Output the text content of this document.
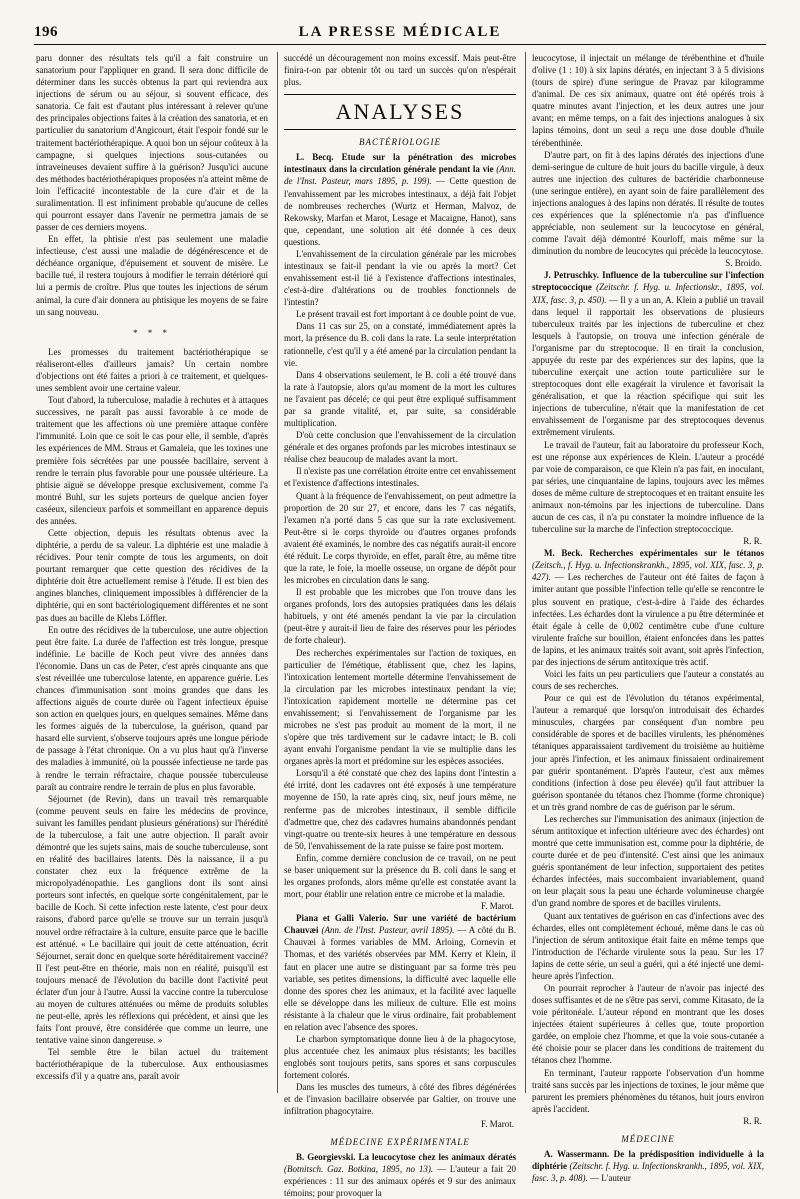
196	LA PRESSE MÉDICALE

paru donner des résultats tels qu'il a fait construire un sanatorium pour l'appliquer en grand. Il sera donc difficile de déterminer dans les succès obtenus la part qui reviendra aux injections de sérum ou au séjour, si souvent efficace, des sanatoria. Ce fait est d'autant plus intéressant à relever qu'une des principales objections faites à la création des sanatoria, et en particulier du sanatorium d'Angicourt, était l'espoir fondé sur le traitement bactériothérapique. A quoi bon un séjour coûteux à la campagne, si quelques injections sous-cutanées ou intraveineuses devaient suffire à la guérison? Jusqu'ici aucune des méthodes bactériothérapiques proposées n'a atteint même de loin l'efficacité incontestable de la cure d'air et de la suralimentation. Il est infiniment probable qu'aucune de celles qui pourront essayer dans l'avenir ne permettra jamais de se passer de ces derniers moyens.

En effet, la phtisie n'est pas seulement une maladie infectieuse, c'est aussi une maladie de dégénérescence et de déchéance organique, d'épuisement et souvent de misère. Le bacille tué, il restera toujours à modifier le terrain détérioré qui lui a permis de croître. Plus que toutes les injections de sérum animal, la cure d'air donnera au phtisique les moyens de se faire un sang nouveau.

* * *

Les promesses du traitement bactériothérapique se réaliseront-elles d'ailleurs jamais? Un certain nombre d'objections ont été faites a priori à ce traitement, et quelques-unes semblent avoir une certaine valeur.

Tout d'abord, la tuberculose, maladie à rechutes et à attaques successives, ne paraît pas aussi favorable à ce mode de traitement que les affections où une première attaque confère l'immunité. Loin que ce soit le cas pour elle, il semble, d'après les expériences de MM. Straus et Gamaleia, que les toxines une première fois sécrétées par une poussée bacillaire, servent à rendre le terrain plus favorable pour une poussée ultérieure. La phtisie aiguë se développe presque exclusivement, comme l'a montré Buhl, sur les sujets porteurs de quelque ancien foyer caséeux, silencieux parfois et sommeillant en apparence depuis des années.

Cette objection, depuis les résultats obtenus avec la diphtérie, a perdu de sa valeur. La diphtérie est une maladie à récidives. Pour tenir compte de tous les arguments, on doit pourtant remarquer que cette question des récidives de la diphtérie doit être actuellement remise à l'étude. Il est bien des angines blanches, cliniquement impossibles à différencier de la diphtérie, qui en sont bactériologiquement différentes et ne sont pas dues au bacille de Klebs Löffler.

En outre des récidives de la tuberculose, une autre objection peut être faite. La durée de l'affection est très longue, presque indéfinie. Le bacille de Koch peut vivre des années dans l'économie. Dans un cas de Peter, c'est après cinquante ans que s'est réveillée une tuberculose latente, en apparence guérie. Les chances d'immunisation sont moins grandes que dans les affections aiguës de courte durée où l'agent infectieux épuise son action en quelques jours, en quelques semaines. Même dans les formes aiguës de la tuberculose, la guérison, quand par hasard elle survient, s'observe toujours après une longue période de passage à l'état chronique. On a vu plus haut qu'à l'inverse des maladies à immunité, où la poussée infectieuse ne tarde pas à rendre le terrain réfractaire, chaque poussée tuberculeuse paraît au contraire rendre le terrain de plus en plus favorable.

Séjournet (de Revin), dans un travail très remarquable (comme peuvent seuls en faire les médecins de province, suivant les familles pendant plusieurs générations) sur l'hérédité de la tuberculose, a fait une autre objection. Il paraît avoir démontré que les sujets sains, mais de souche tuberculeuse, sont en réalité des bacillaires latents. Dès la naissance, il a pu constater chez eux la fréquence extrême de la micropolyadénopathie. Les ganglions dont ils sont ainsi porteurs sont infectés, en quelque sorte congénitalement, par le bacille de Koch. Si cette infection reste latente, c'est pour deux raisons, d'abord parce qu'elle se trouve sur un terrain jusqu'à nouvel ordre réfractaire à la culture, ensuite parce que le bacille est atténué. « Le bacillaire qui jouit de cette atténuation, écrit Séjournet, serait donc en quelque sorte héréditairement vacciné? Il l'est peut-être en théorie, mais non en réalité, puisqu'il est toujours menacé de l'évolution du bacille dont l'activité peut éclater d'un jour à l'autre. Aussi la vaccine contre la tuberculose au moyen de cultures atténuées ou même de produits solubles ne peut-elle, après les réflexions qui précèdent, et ainsi que les faits l'ont prouvé, être considérée que comme un leurre, une tentative vaine sinon dangereuse. »

Tel semble être le bilan actuel du traitement bactériothérapique de la tuberculose. Aux enthousiasmes excessifs d'il y a quatre ans, paraît avoir

succédé un découragement non moins excessif. Mais peut-être finira-t-on par obtenir tôt ou tard un succès qu'on n'espérait plus.

ANALYSES
BACTÉRIOLOGIE

L. Becq. Etude sur la pénétration des microbes intestinaux dans la circulation générale pendant la vie (Ann. de l'Inst. Pasteur, mars 1895, p. 199). — Cette question de l'envahissement par les microbes intestinaux, a déjà fait l'objet de nombreuses recherches (Wurtz et Herman, Malvoz, de Rekowsky, Marfan et Marot, Lesage et Macaigne, Hanot), sans que, cependant, une solution ait été donnée à ces deux questions.

L'envahissement de la circulation générale par les microbes intestinaux se fait-il pendant la vie ou après la mort? Cet envahissement est-il lié à l'existence d'affections intestinales, c'est-à-dire d'altérations ou de troubles fonctionnels de l'intestin?

Le présent travail est fort important à ce double point de vue.

Dans 11 cas sur 25, on a constaté, immédiatement après la mort, la présence du B. coli dans la rate. La seule interprétation rationnelle, c'est qu'il y a été amené par la circulation pendant la vie.

Dans 4 observations seulement, le B. coli a été trouvé dans la rate à l'autopsie, alors qu'au moment de la mort les cultures ne l'avaient pas décelé; ce qui peut être expliqué suffisamment par sa grande vitalité, et, par suite, sa considérable multiplication.

D'où cette conclusion que l'envahissement de la circulation générale et des organes profonds par les microbes intestinaux se réalise chez beaucoup de malades avant la mort.

Il n'existe pas une corrélation étroite entre cet envahissement et l'existence d'affections intestinales.

Quant à la fréquence de l'envahissement, on peut admettre la proportion de 20 sur 27, et encore, dans les 7 cas négatifs, l'examen n'a porté dans 5 cas que sur la rate exclusivement. Peut-être si le corps thyroïde ou d'autres organes profonds avaient été examinés, le nombre des cas négatifs aurait-il encore été réduit. Le corps thyroïde, en effet, paraît être, au même titre que la rate, le foie, la moelle osseuse, un organe de dépôt pour les microbes en circulation dans le sang.

Il est probable que les microbes que l'on trouve dans les organes profonds, lors des autopsies pratiquées dans les délais habituels, y ont été amenés pendant la vie par la circulation (peut-être y aurait-il lieu de faire des réserves pour les périodes de forte chaleur).

Des recherches expérimentales sur l'action de toxiques, en particulier de l'émétique, établissent que, chez les lapins, l'intoxication lentement mortelle détermine l'envahissement de la circulation par les microbes intestinaux pendant la vie; l'intoxication rapidement mortelle ne détermine pas cet envahissement; si l'envahissement de l'organisme par les microbes ne s'est pas produit au moment de la mort, il ne s'opère que très tardivement sur le cadavre intact; le B. coli ayant envahi l'organisme pendant la vie se multiplie dans les organes après la mort et prédomine sur les espèces associées.

Lorsqu'il a été constaté que chez des lapins dont l'intestin a été irrité, dont les cadavres ont été exposés à une température moyenne de 150, la rate après cinq, six, neuf jours même, ne renferme pas de microbes intestinaux, il semble difficile d'admettre que, chez des cadavres humains abandonnés pendant vingt-quatre ou trente-six heures à une température en dessous de 50, l'envahissement de la rate puisse se faire post mortem.

Enfin, comme dernière conclusion de ce travail, on ne peut se baser uniquement sur la présence du B. coli dans le sang et les organes profonds, alors même qu'elle est constatée avant la mort, pour établir une relation entre ce microbe et la maladie.

F. Marot.

Piana et Galli Valerio. Sur une variété de bactérium Chauvæi (Ann. de l'Inst. Pasteur, avril 1895). — A côté du B. Chauvæi à formes variables de MM. Arloing, Cornevin et Thomas, et des variétés observées par MM. Kerry et Klein, il faut en placer une autre se distinguant par sa forme très peu variable, ses petites dimensions, la difficulté avec laquelle elle donne des spores chez les animaux, et la facilité avec laquelle elle se développe dans les milieux de culture. Elle est moins résistante à la chaleur que le virus ordinaire, fait probablement en relation avec l'absence des spores.

Le charbon symptomatique donne lieu à de la phagocytose, plus accentuée chez les animaux plus résistants; les bacilles englobés sont toujours petits, sans spores et sans corpuscules fortement colorés.

Dans les muscles des tumeurs, à côté des fibres dégénérées et de l'invasion bacillaire observée par Galtier, on trouve une infiltration phagocytaire.

F. Marot.
MÉDECINE EXPÉRIMENTALE

B. Georgievski. La leucocytose chez les animaux dératés (Botnitsch. Gaz. Botkina, 1895, no 13). — L'auteur a fait 20 expériences : 11 sur des animaux opérés et 9 sur des animaux témoins; pour provoquer la

leucocytose, il injectait un mélange de térébenthine et d'huile d'olive (1 : 10) à six lapins dératés, en injectant 3 à 5 divisions (tours de spire) d'une seringue de Pravaz par kilogramme d'animal. De ces six animaux, quatre ont été opérés trois à quatre minutes avant l'injection, et les deux autres une jour avant; en même temps, on a fait des injections analogues à six lapins témoins, dont un seul a reçu une dose double d'huile térébenthinée.

D'autre part, on fit à des lapins dératés des injections d'une demi-seringue de culture de huit jours du bacille virgule, à deux autres une injection des cultures de bactéridie charbonneuse (une seringue entière), en ayant soin de faire parallèlement des injections analogues à des lapins non dératés. Il résulte de toutes ces expériences que la splénectomie n'a pas d'influence appréciable, non seulement sur la leucocytose en général, comme l'avait déjà démontré Kourloff, mais même sur la diminution du nombre de leucocytes qui précède la leucocytose.

S. Broido.

J. Petruschky. Influence de la tuberculine sur l'infection streptococcique (Zeitschr. f. Hyg. u. Infectionskr., 1895, vol. XIX, fasc. 3, p. 450). — Il y a un an, A. Klein a publié un travail dans lequel il rapportait les observations de plusieurs tuberculeux traités par les injections de tuberculine et chez lesquels à l'autopsie, on trouva une infection générale de l'organisme par du streptocoque. Il en tirait la conclusion, appuyée du reste par des expériences sur des lapins, que la tuberculine exerçait une action toute particulière sur le streptocoques dont elle exagérait la virulence et favorisait la généralisation, et que la réaction spécifique qui suit les injections de tuberculine, n'était que la manifestation de cet envahissement de l'organisme par des streptocoques devenus extrêmement virulents.

Le travail de l'auteur, fait au laboratoire du professeur Koch, est une réponse aux expériences de Klein. L'auteur a procédé par voie de comparaison, ce que Klein n'a pas fait, en inoculant, par séries, une cinquantaine de lapins, toujours avec les mêmes doses de même culture de streptocoques et en traitant ensuite les animaux non-témoins par les injections de tuberculine. Dans aucun de ces cas, il n'a pu constater la moindre influence de la tuberculine sur la marche de l'infection streptococcique.

R. R.

M. Beck. Recherches expérimentales sur le tétanos (Zeitsch., f. Hyg. u. Infectionskrankh., 1895, vol. XIX, fasc. 3, p. 427). — Les recherches de l'auteur ont été faites de façon à imiter autant que possible l'infection telle qu'elle se rencontre le plus souvent en pratique, c'est-à-dire à l'aide des échardes infectées. Les échardes dont la virulence a pu être déterminée et était égale à celle de 0,002 centimètre cube d'une culture virulente fraîche sur bouillon, étaient enfoncées dans les pattes de lapins, et les animaux traités soit avant, soit après l'infection, par des injections de sérum antitoxique très actif.

Voici les faits un peu particuliers que l'auteur a constatés au cours de ses recherches.

Pour ce qui est de l'évolution du tétanos expérimental, l'auteur a remarqué que lorsqu'on introduisait des échardes minuscules, chargées par conséquent d'un nombre peu considérable de spores et de bacilles virulents, les phénomènes tétaniques apparaissaient tardivement du troisième au huitième jour après l'infection, et les animaux finissaient ordinairement par guérir spontanément. D'après l'auteur, c'est aux mêmes conditions (infection à dose peu élevée) qu'il faut attribuer la guérison spontanée du tétanos chez l'homme (forme chronique) et un très grand nombre de cas de guérison par le sérum.

Les recherches sur l'immunisation des animaux (injection de sérum antitoxique et infection ultérieure avec des échardes) ont montré que cette immunisation est, comme pour la diphtérie, de courte durée et de peu d'intensité. C'est ainsi que les animaux guéris spontanément de leur infection, supportaient des petites échardes infectées, mais succombaient invariablement, quand on leur plaçait sous la peau une écharde volumineuse chargée d'un grand nombre de spores et de bacilles virulents.

Quant aux tentatives de guérison en cas d'infections avec des échardes, elles ont complètement échoué, même dans le cas où l'injection de sérum antitoxique était faite en même temps que l'introduction de l'écharde virulente sous la peau. Sur les 17 lapins de cette série, un seul a guéri, qui a été injecté une demi-heure après l'infection.

On pourrait reprocher à l'auteur de n'avoir pas injecté des doses suffisantes et de ne s'être pas servi, comme Kitasato, de la voie péritonéale. L'auteur répond en montrant que les doses injectées étaient supérieures à celles que, toute proportion gardée, on emploie chez l'homme, et que la voie sous-cutanée a été choisie pour se placer dans les conditions de traitement du tétanos chez l'homme.

En terminant, l'auteur rapporte l'observation d'un homme traité sans succès par les injections de toxines, le jour même que parurent les premiers phénomènes du tétanos, huit jours environ après l'accident.

R. R.
MÉDECINE

A. Wassermann. De la prédisposition individuelle à la diphtérie (Zeitschr. f. Hyg. u. Infectionskrankh., 1895, vol. XIX, fasc. 3, p. 408). — L'auteur
